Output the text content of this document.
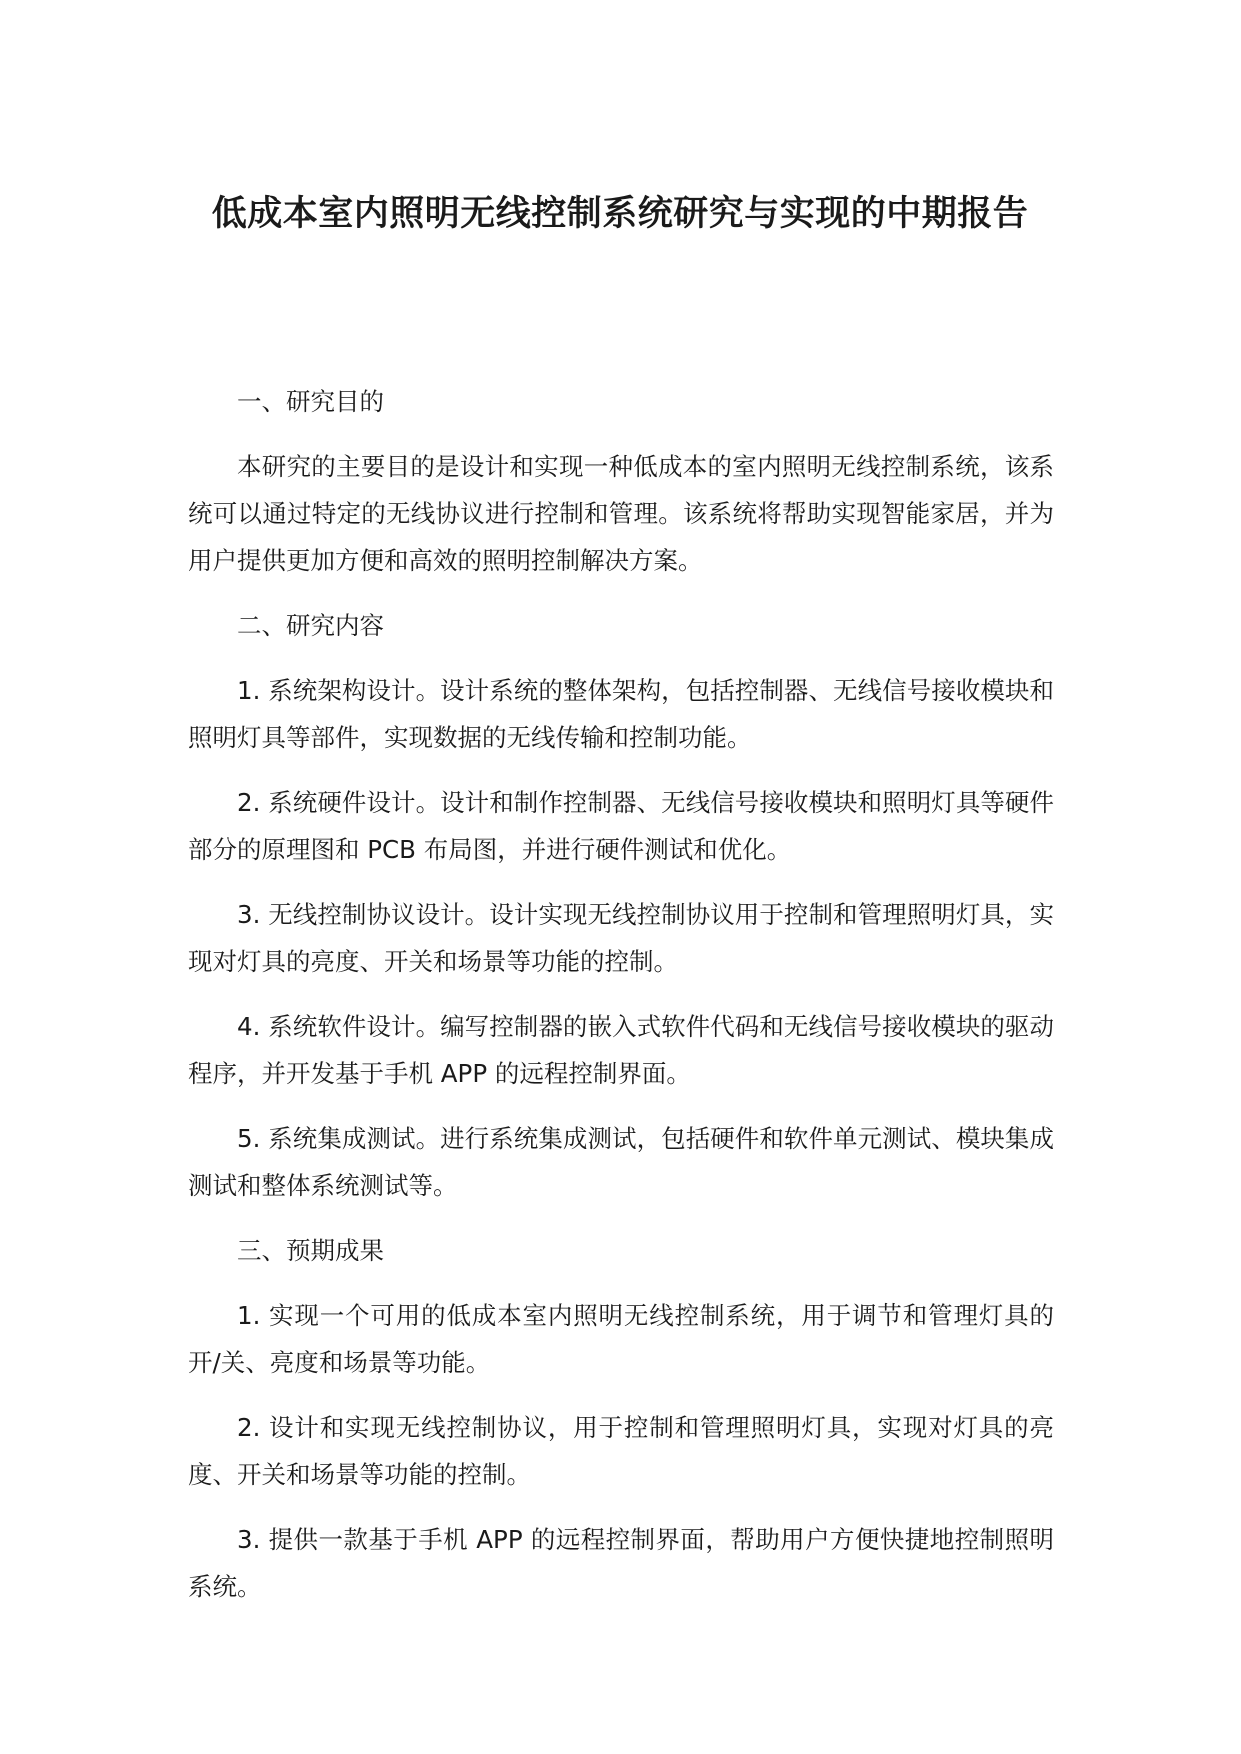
低成本室内照明无线控制系统研究与实现的中期报告

一、研究目的

本研究的主要目的是设计和实现一种低成本的室内照明无线控制系统，该系统可以通过特定的无线协议进行控制和管理。该系统将帮助实现智能家居，并为用户提供更加方便和高效的照明控制解决方案。

二、研究内容

1. 系统架构设计。设计系统的整体架构，包括控制器、无线信号接收模块和照明灯具等部件，实现数据的无线传输和控制功能。

2. 系统硬件设计。设计和制作控制器、无线信号接收模块和照明灯具等硬件部分的原理图和 PCB 布局图，并进行硬件测试和优化。

3. 无线控制协议设计。设计实现无线控制协议用于控制和管理照明灯具，实现对灯具的亮度、开关和场景等功能的控制。

4. 系统软件设计。编写控制器的嵌入式软件代码和无线信号接收模块的驱动程序，并开发基于手机 APP 的远程控制界面。

5. 系统集成测试。进行系统集成测试，包括硬件和软件单元测试、模块集成测试和整体系统测试等。

三、预期成果

1. 实现一个可用的低成本室内照明无线控制系统，用于调节和管理灯具的开/关、亮度和场景等功能。

2. 设计和实现无线控制协议，用于控制和管理照明灯具，实现对灯具的亮度、开关和场景等功能的控制。

3. 提供一款基于手机 APP 的远程控制界面，帮助用户方便快捷地控制照明系统。
